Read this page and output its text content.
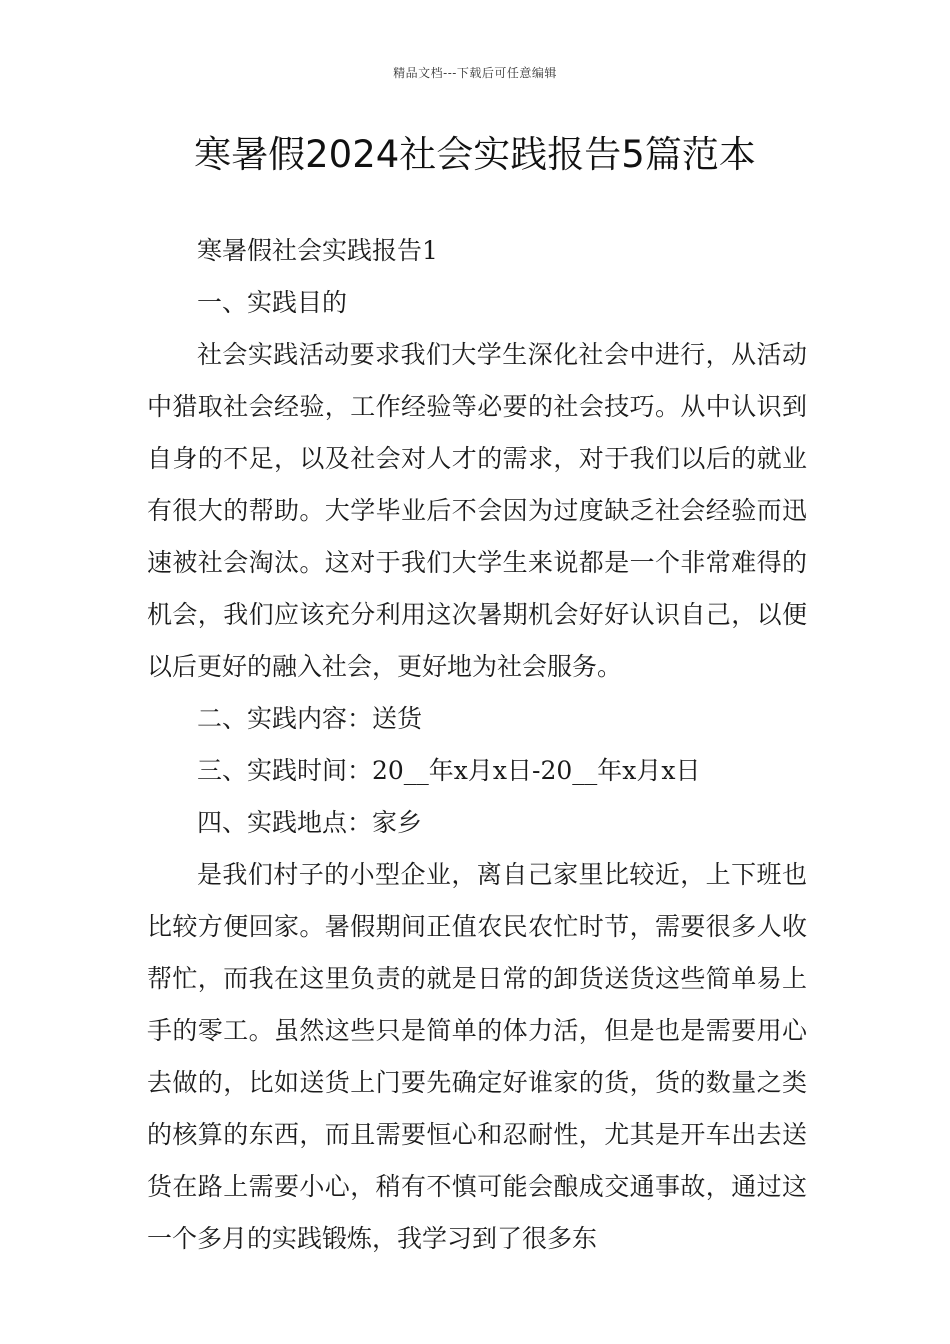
精品文档---下载后可任意编辑
寒暑假2024社会实践报告5篇范本

寒暑假社会实践报告1

一、实践目的

社会实践活动要求我们大学生深化社会中进行，从活动中猎取社会经验，工作经验等必要的社会技巧。从中认识到自身的不足，以及社会对人才的需求，对于我们以后的就业有很大的帮助。大学毕业后不会因为过度缺乏社会经验而迅速被社会淘汰。这对于我们大学生来说都是一个非常难得的机会，我们应该充分利用这次暑期机会好好认识自己，以便以后更好的融入社会，更好地为社会服务。

二、实践内容：送货

三、实践时间：20__年x月x日-20__年x月x日

四、实践地点：家乡

是我们村子的小型企业，离自己家里比较近，上下班也比较方便回家。暑假期间正值农民农忙时节，需要很多人收帮忙，而我在这里负责的就是日常的卸货送货这些简单易上手的零工。虽然这些只是简单的体力活，但是也是需要用心去做的，比如送货上门要先确定好谁家的货，货的数量之类的核算的东西，而且需要恒心和忍耐性，尤其是开车出去送货在路上需要小心，稍有不慎可能会酿成交通事故，通过这一个多月的实践锻炼，我学习到了很多东
